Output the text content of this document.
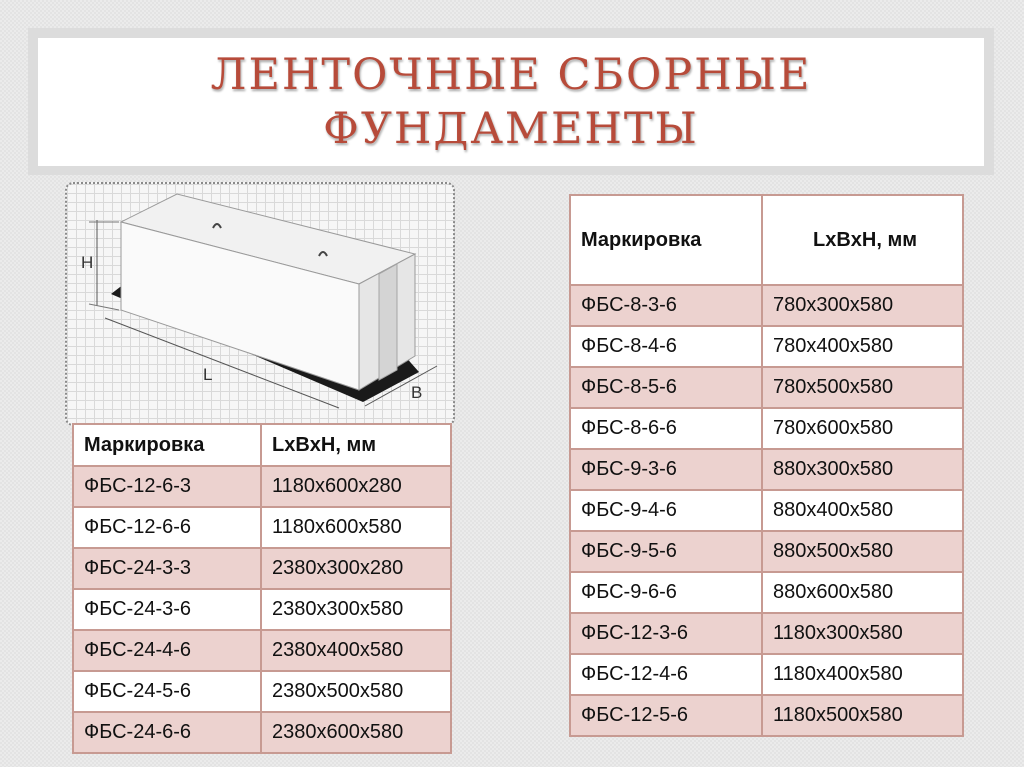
ЛЕНТОЧНЫЕ СБОРНЫЕ
ФУНДАМЕНТЫ
H
L
B
Маркировка	LxBxH, мм
ФБС-12-6-3	1180x600x280
ФБС-12-6-6	1180x600x580
ФБС-24-3-3	2380x300x280
ФБС-24-3-6	2380x300x580
ФБС-24-4-6	2380x400x580
ФБС-24-5-6	2380x500x580
ФБС-24-6-6	2380x600x580
Маркировка	LxBxH, мм
ФБС-8-3-6	780x300x580
ФБС-8-4-6	780x400x580
ФБС-8-5-6	780x500x580
ФБС-8-6-6	780x600x580
ФБС-9-3-6	880x300x580
ФБС-9-4-6	880x400x580
ФБС-9-5-6	880x500x580
ФБС-9-6-6	880x600x580
ФБС-12-3-6	1180x300x580
ФБС-12-4-6	1180x400x580
ФБС-12-5-6	1180x500x580
